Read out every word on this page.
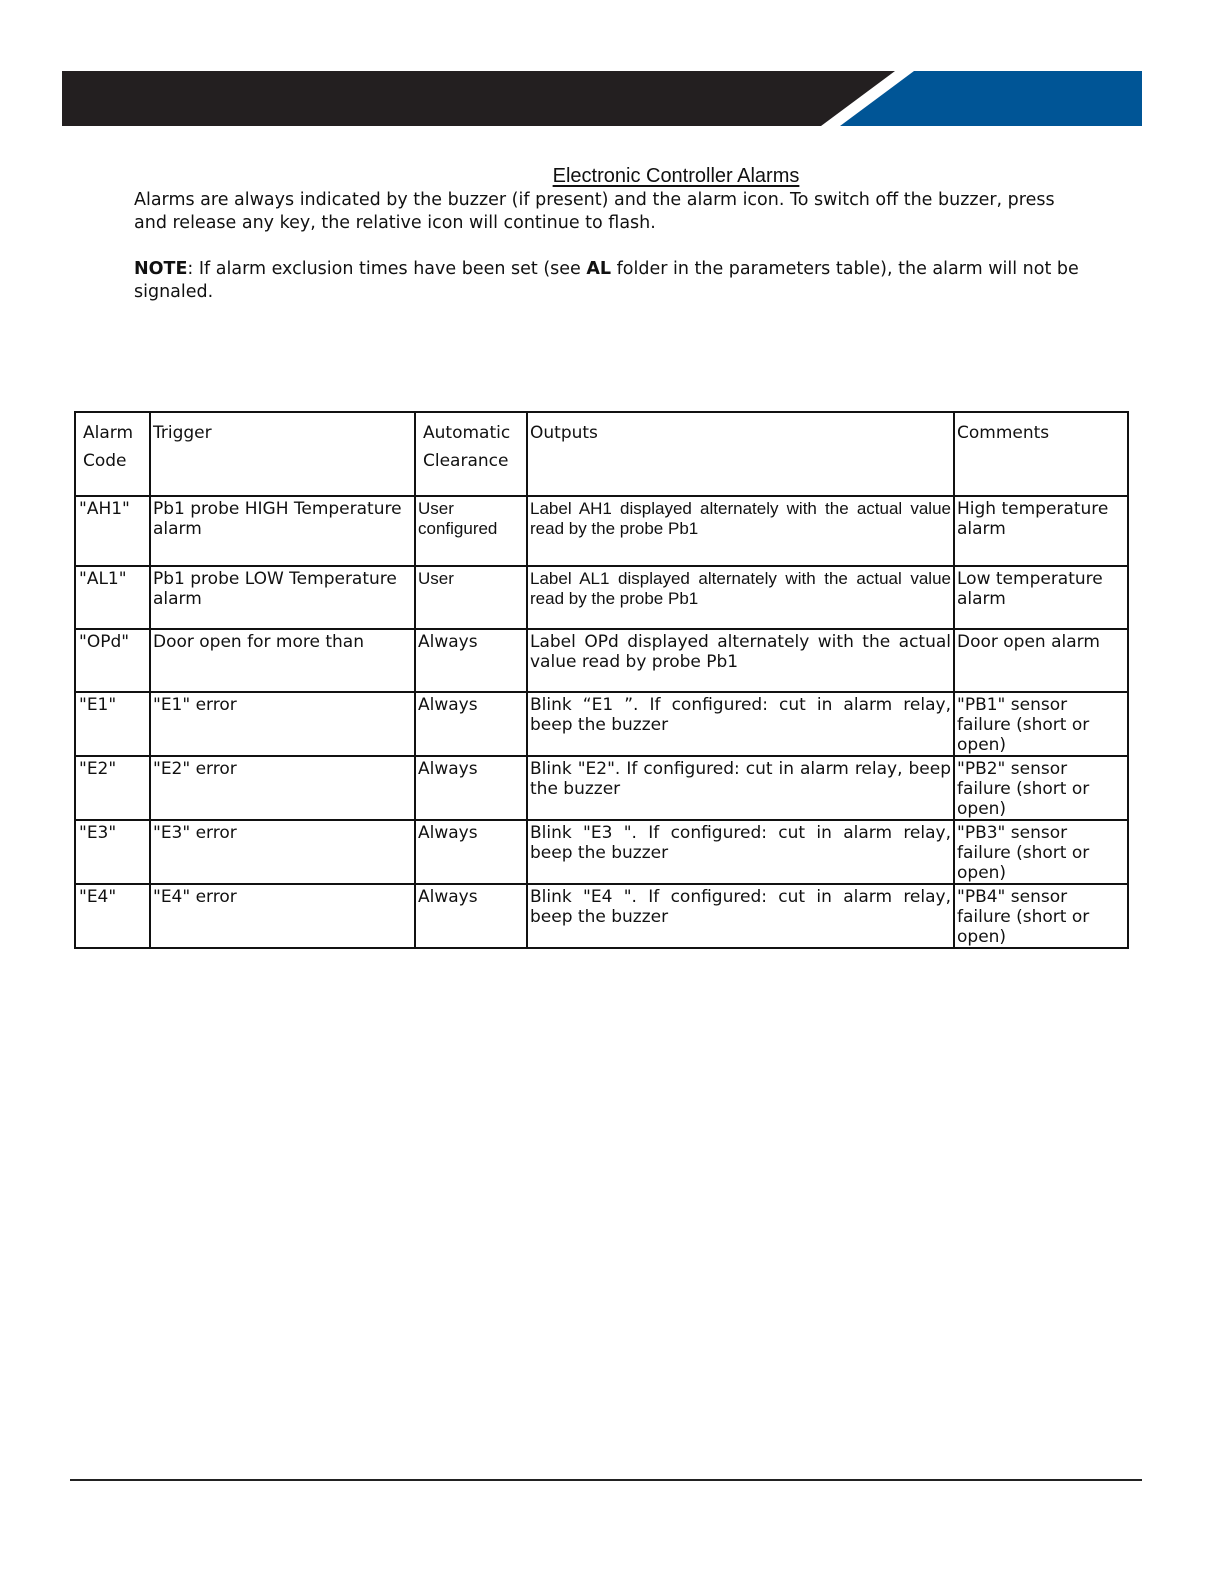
Electronic Controller Alarms
Alarms are always indicated by the buzzer (if present) and the alarm icon. To switch off the buzzer, press and release any key, the relative icon will continue to flash.
NOTE: If alarm exclusion times have been set (see AL folder in the parameters table), the alarm will not be signaled.
Alarm Code	Trigger	Automatic Clearance	Outputs	Comments
"AH1"	Pb1 probe HIGH Temperature alarm	User configured	Label AH1 displayed alternately with the actual value read by the probe Pb1	High temperature alarm
"AL1"	Pb1 probe LOW Temperature alarm	User	Label AL1 displayed alternately with the actual value read by the probe Pb1	Low temperature alarm
"OPd"	Door open for more than	Always	Label OPd displayed alternately with the actual value read by probe Pb1	Door open alarm
"E1"	"E1" error	Always	Blink “E1 ”. If configured: cut in alarm relay, beep the buzzer	"PB1" sensor failure (short or open)
"E2"	"E2" error	Always	Blink "E2". If configured: cut in alarm relay, beep the buzzer	"PB2" sensor failure (short or open)
"E3"	"E3" error	Always	Blink "E3 ". If configured: cut in alarm relay, beep the buzzer	"PB3" sensor failure (short or open)
"E4"	"E4" error	Always	Blink "E4 ". If configured: cut in alarm relay, beep the buzzer	"PB4" sensor failure (short or open)
